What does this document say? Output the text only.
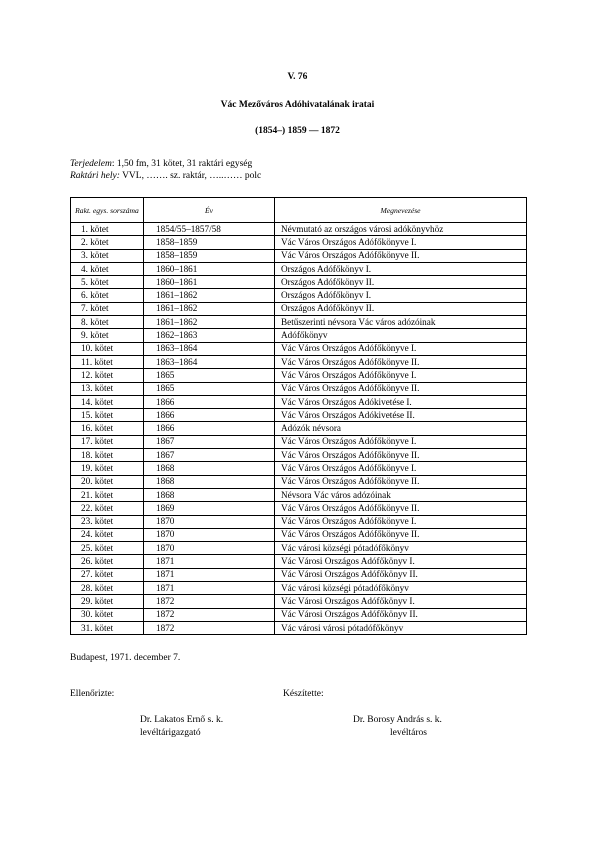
V. 76
Vác Mezőváros Adóhivatalának iratai
(1854–) 1859 — 1872
Terjedelem: 1,50 fm, 31 kötet, 31 raktári egység
Raktári hely: VVL, ……. sz. raktár, …..…… polc
Rakt. egys. sorszáma	Év	Megnevezése
1. kötet	1854/55–1857/58	Névmutató az országos városi adókönyvhöz
2. kötet	1858–1859	Vác Város Országos Adófőkönyve I.
3. kötet	1858–1859	Vác Város Országos Adófőkönyve II.
4. kötet	1860–1861	Országos Adófőkönyv I.
5. kötet	1860–1861	Országos Adófőkönyv II.
6. kötet	1861–1862	Országos Adófőkönyv I.
7. kötet	1861–1862	Országos Adófőkönyv II.
8. kötet	1861–1862	Betűszerinti névsora Vác város adózóinak
9. kötet	1862–1863	Adófőkönyv
10. kötet	1863–1864	Vác Város Országos Adófőkönyve I.
11. kötet	1863–1864	Vác Város Országos Adófőkönyve II.
12. kötet	1865	Vác Város Országos Adófőkönyve I.
13. kötet	1865	Vác Város Országos Adófőkönyve II.
14. kötet	1866	Vác Város Országos Adókivetése I.
15. kötet	1866	Vác Város Országos Adókivetése II.
16. kötet	1866	Adózók névsora
17. kötet	1867	Vác Város Országos Adófőkönyve I.
18. kötet	1867	Vác Város Országos Adófőkönyve II.
19. kötet	1868	Vác Város Országos Adófőkönyve I.
20. kötet	1868	Vác Város Országos Adófőkönyve II.
21. kötet	1868	Névsora Vác város adózóinak
22. kötet	1869	Vác Város Országos Adófőkönyve II.
23. kötet	1870	Vác Város Országos Adófőkönyve I.
24. kötet	1870	Vác Város Országos Adófőkönyve II.
25. kötet	1870	Vác városi községi pótadófőkönyv
26. kötet	1871	Vác Városi Országos Adófőkönyv I.
27. kötet	1871	Vác Városi Országos Adófőkönyv II.
28. kötet	1871	Vác városi községi pótadófőkönyv
29. kötet	1872	Vác Városi Országos Adófőkönyv I.
30. kötet	1872	Vác Városi Országos Adófőkönyv II.
31. kötet	1872	Vác városi városi pótadófőkönyv
Budapest, 1971. december 7.
Ellenőrizte:	Készítette:
Dr. Lakatos Ernő s. k.
levéltárigazgató
Dr. Borosy András s. k.
levéltáros
